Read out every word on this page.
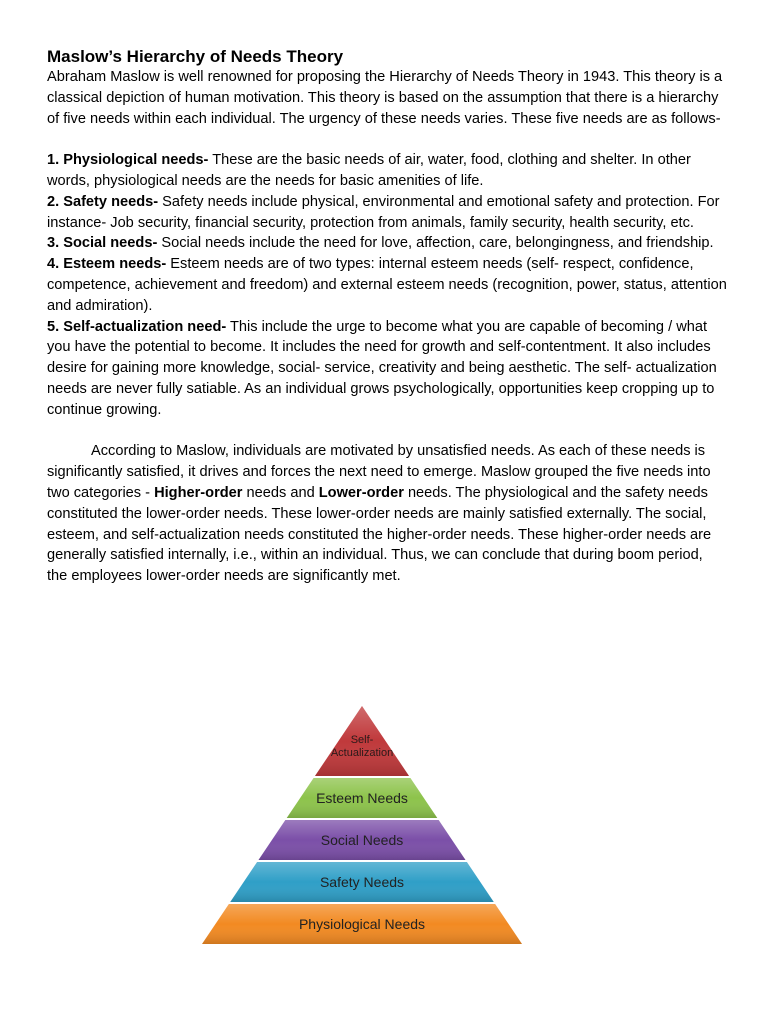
Maslow’s Hierarchy of Needs Theory

Abraham Maslow is well renowned for proposing the Hierarchy of Needs Theory in 1943. This theory is a classical depiction of human motivation. This theory is based on the assumption that there is a hierarchy of five needs within each individual. The urgency of these needs varies. These five needs are as follows-

1. Physiological needs- These are the basic needs of air, water, food, clothing and shelter. In other words, physiological needs are the needs for basic amenities of life.

2. Safety needs- Safety needs include physical, environmental and emotional safety and protection. For instance- Job security, financial security, protection from animals, family security, health security, etc.

3. Social needs- Social needs include the need for love, affection, care, belongingness, and friendship.

4. Esteem needs- Esteem needs are of two types: internal esteem needs (self- respect, confidence, competence, achievement and freedom) and external esteem needs (recognition, power, status, attention and admiration).

5. Self-actualization need- This include the urge to become what you are capable of becoming / what you have the potential to become. It includes the need for growth and self-contentment. It also includes desire for gaining more knowledge, social- service, creativity and being aesthetic. The self- actualization needs are never fully satiable. As an individual grows psychologically, opportunities keep cropping up to continue growing.

According to Maslow, individuals are motivated by unsatisfied needs. As each of these needs is significantly satisfied, it drives and forces the next need to emerge. Maslow grouped the five needs into two categories - Higher-order needs and Lower-order needs. The physiological and the safety needs constituted the lower-order needs. These lower-order needs are mainly satisfied externally. The social, esteem, and self-actualization needs constituted the higher-order needs. These higher-order needs are generally satisfied internally, i.e., within an individual. Thus, we can conclude that during boom period, the employees lower-order needs are significantly met.

Self-
Actualization
Esteem Needs
Social Needs
Safety Needs
Physiological Needs
